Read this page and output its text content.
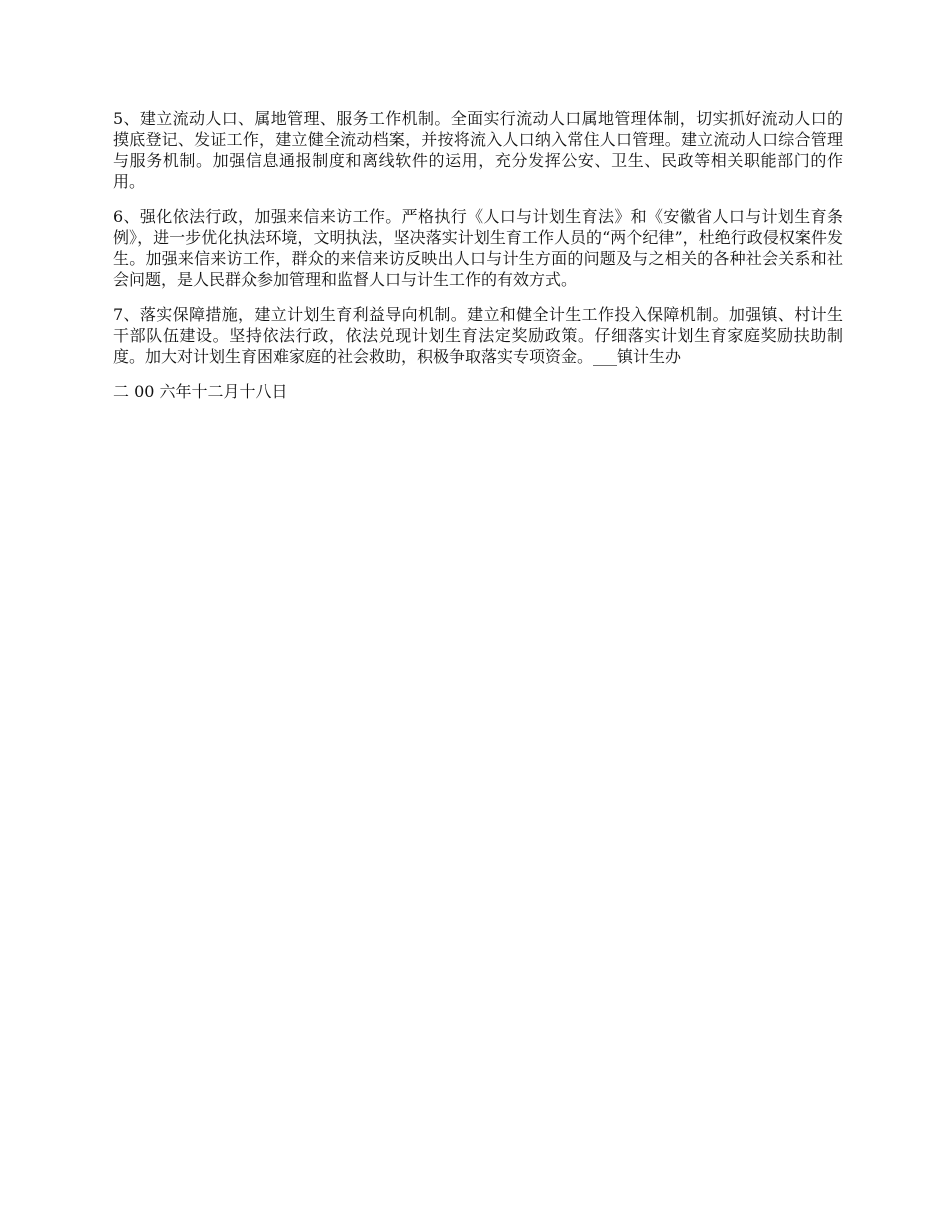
5、建立流动人口、属地管理、服务工作机制。全面实行流动人口属地管理体制，切实抓好流动人口的摸底登记、发证工作，建立健全流动档案，并按将流入人口纳入常住人口管理。建立流动人口综合管理与服务机制。加强信息通报制度和离线软件的运用，充分发挥公安、卫生、民政等相关职能部门的作用。

6、强化依法行政，加强来信来访工作。严格执行《人口与计划生育法》和《安徽省人口与计划生育条例》，进一步优化执法环境，文明执法，坚决落实计划生育工作人员的“两个纪律”，杜绝行政侵权案件发生。加强来信来访工作，群众的来信来访反映出人口与计生方面的问题及与之相关的各种社会关系和社会问题，是人民群众参加管理和监督人口与计生工作的有效方式。

7、落实保障措施，建立计划生育利益导向机制。建立和健全计生工作投入保障机制。加强镇、村计生干部队伍建设。坚持依法行政，依法兑现计划生育法定奖励政策。仔细落实计划生育家庭奖励扶助制度。加大对计划生育困难家庭的社会救助，积极争取落实专项资金。___镇计生办

二 00 六年十二月十八日
